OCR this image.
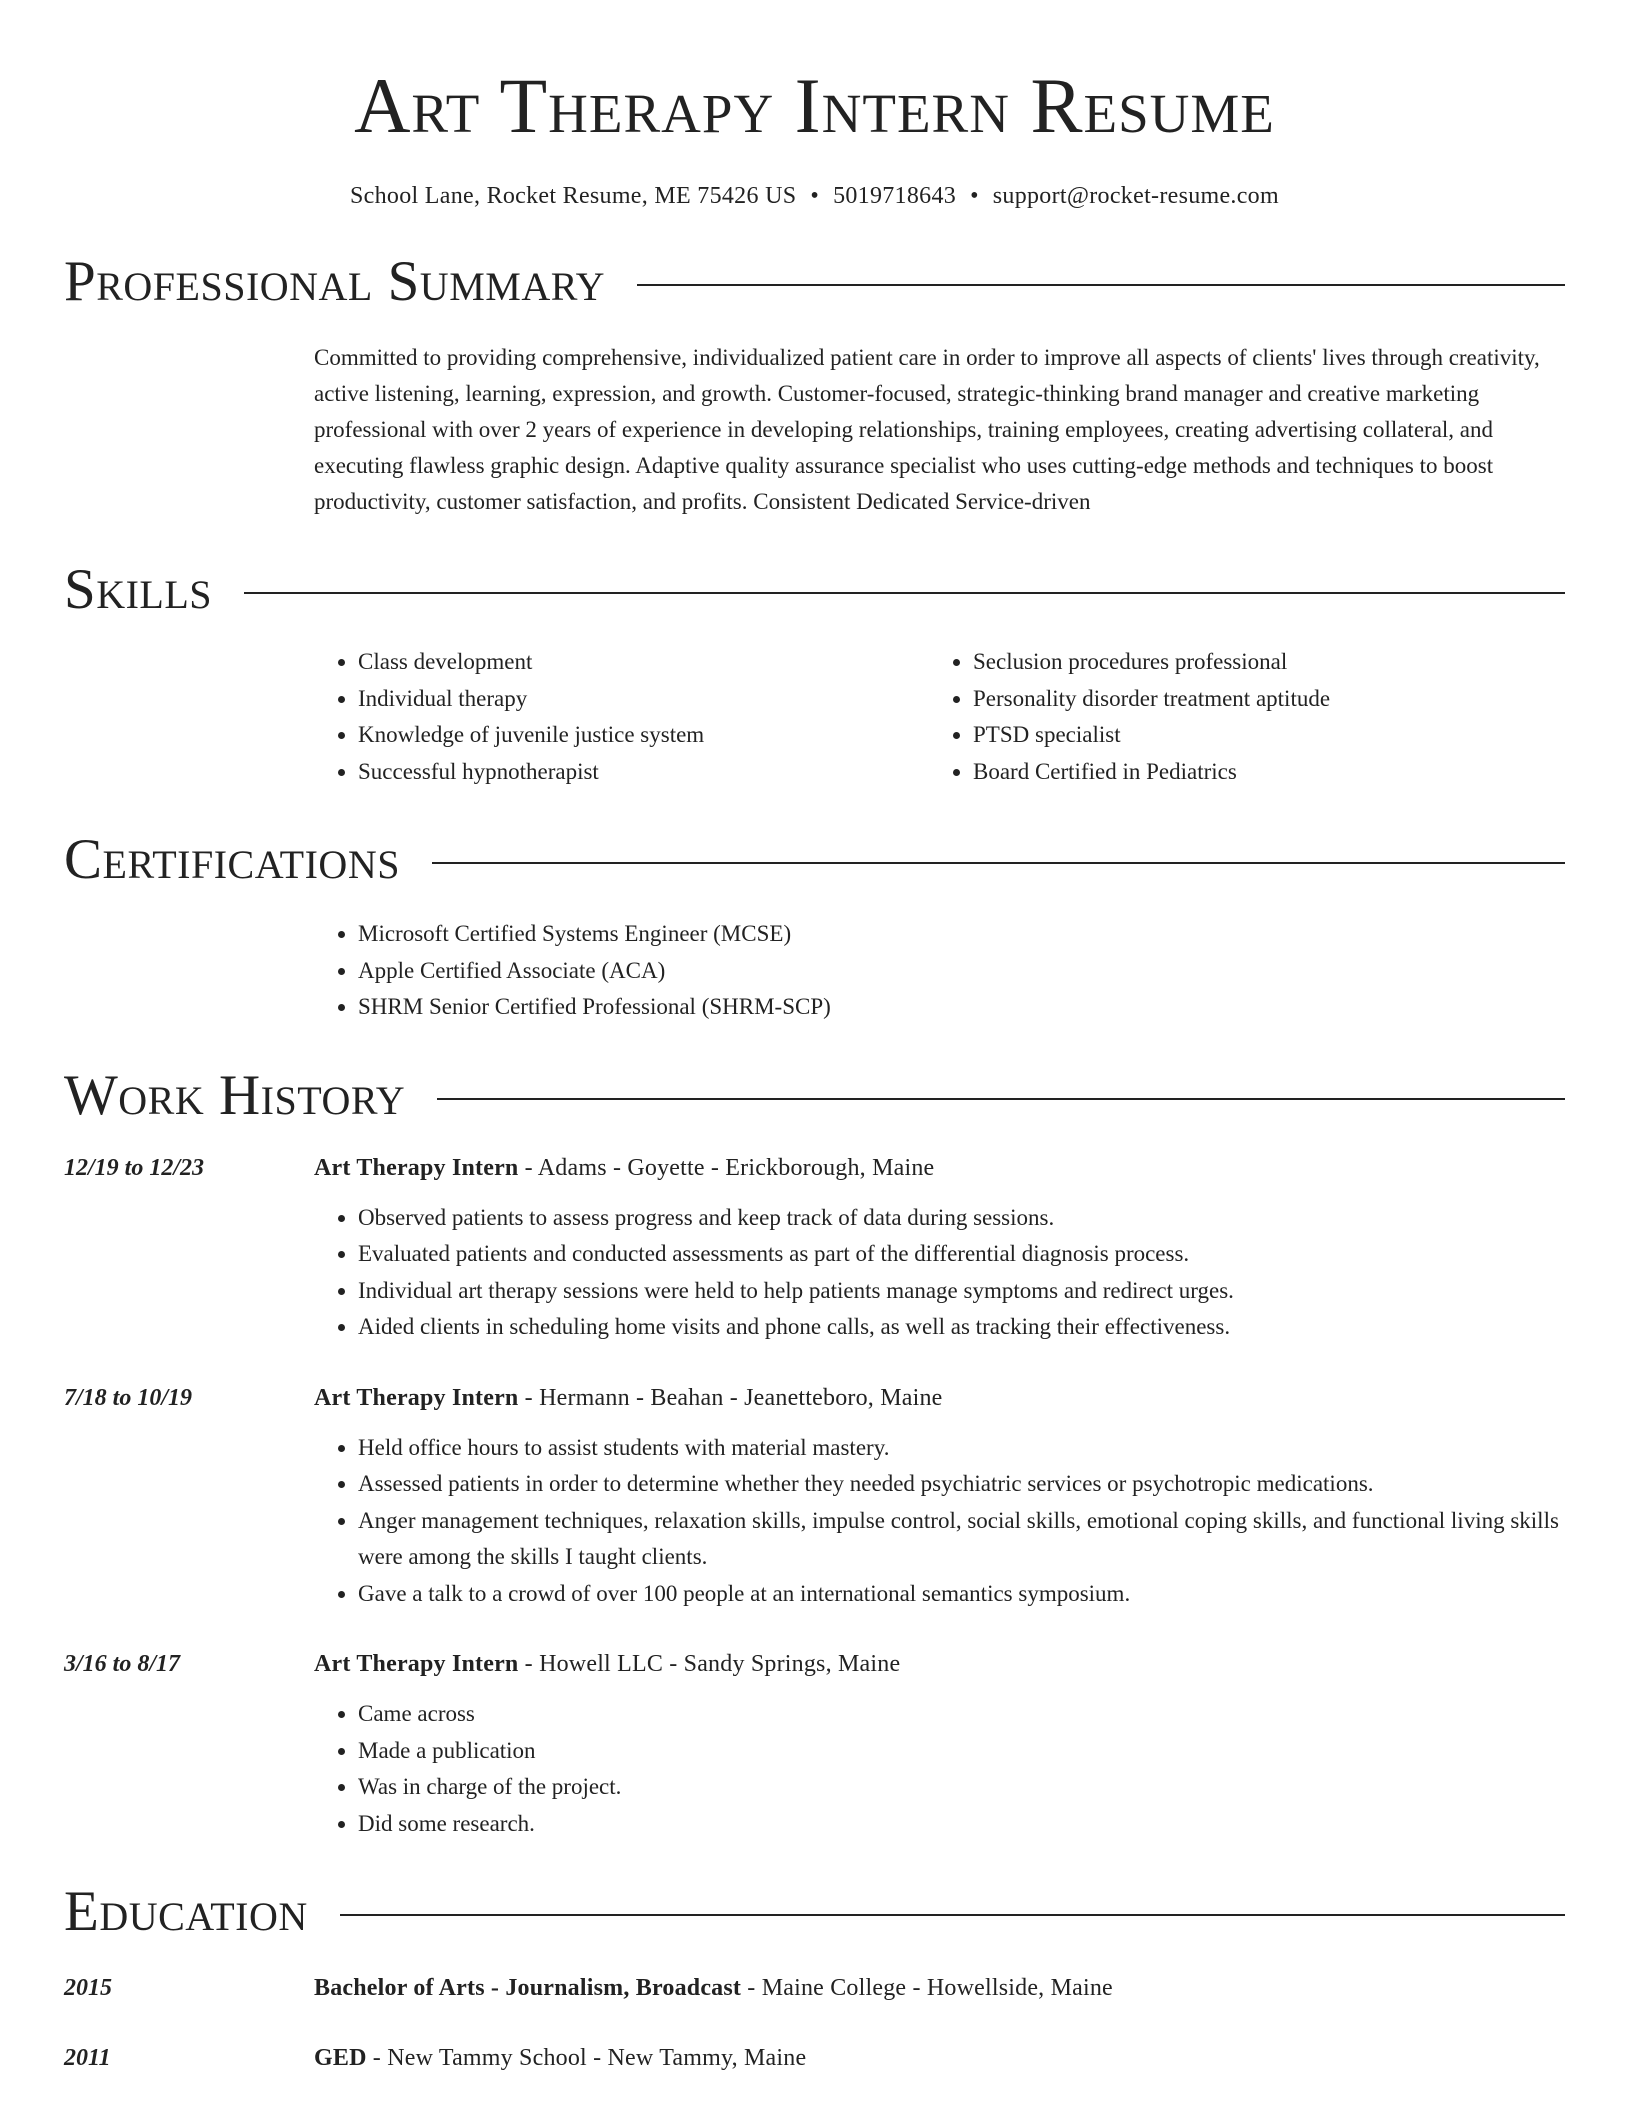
Art Therapy Intern Resume
School Lane, Rocket Resume, ME 75426 US • 5019718643 • support@rocket-resume.com
Professional Summary
Committed to providing comprehensive, individualized patient care in order to improve all aspects of clients' lives through creativity, active listening, learning, expression, and growth. Customer-focused, strategic-thinking brand manager and creative marketing professional with over 2 years of experience in developing relationships, training employees, creating advertising collateral, and executing flawless graphic design. Adaptive quality assurance specialist who uses cutting-edge methods and techniques to boost productivity, customer satisfaction, and profits. Consistent Dedicated Service-driven
Skills
• Class development
• Individual therapy
• Knowledge of juvenile justice system
• Successful hypnotherapist
• Seclusion procedures professional
• Personality disorder treatment aptitude
• PTSD specialist
• Board Certified in Pediatrics
Certifications
• Microsoft Certified Systems Engineer (MCSE)
• Apple Certified Associate (ACA)
• SHRM Senior Certified Professional (SHRM-SCP)
Work History
12/19 to 12/23	Art Therapy Intern - Adams - Goyette - Erickborough, Maine
• Observed patients to assess progress and keep track of data during sessions.
• Evaluated patients and conducted assessments as part of the differential diagnosis process.
• Individual art therapy sessions were held to help patients manage symptoms and redirect urges.
• Aided clients in scheduling home visits and phone calls, as well as tracking their effectiveness.
7/18 to 10/19	Art Therapy Intern - Hermann - Beahan - Jeanetteboro, Maine
• Held office hours to assist students with material mastery.
• Assessed patients in order to determine whether they needed psychiatric services or psychotropic medications.
• Anger management techniques, relaxation skills, impulse control, social skills, emotional coping skills, and functional living skills were among the skills I taught clients.
• Gave a talk to a crowd of over 100 people at an international semantics symposium.
3/16 to 8/17	Art Therapy Intern - Howell LLC - Sandy Springs, Maine
• Came across
• Made a publication
• Was in charge of the project.
• Did some research.
Education
2015	Bachelor of Arts - Journalism, Broadcast - Maine College - Howellside, Maine
2011	GED - New Tammy School - New Tammy, Maine
